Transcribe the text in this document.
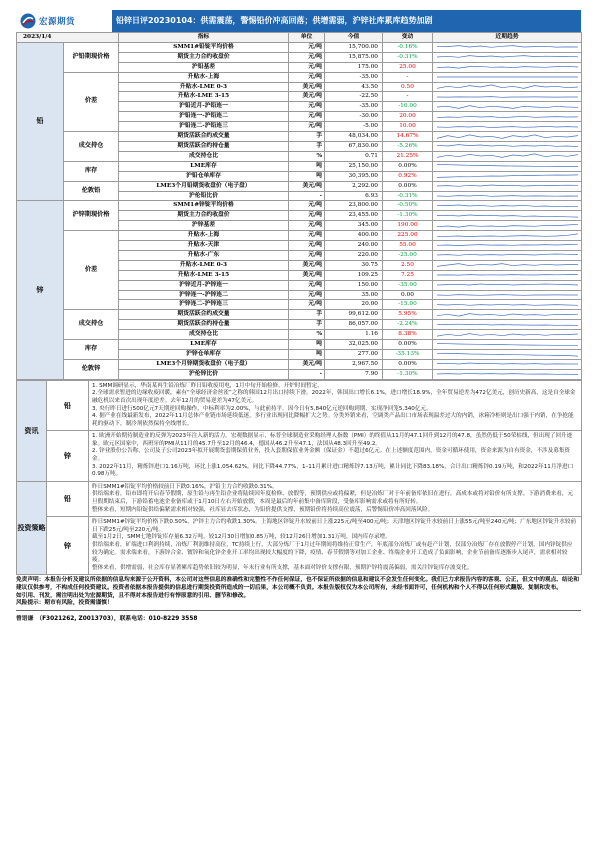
宏源期货	铅锌日评20230104：供需震荡，警惕铅价冲高回落；供增需弱，沪锌社库累库趋势加剧
2023/1/4		指标	单位	今值	变动	近期趋势
铅	沪铅期现价格	SMM1#铅锭平均价格	元/吨	15,700.00	-0.16%	

		期货主力合约收盘价	元/吨	15,875.00	-0.31%	

		沪铅基差	元/吨	175.00	25.00	

	价差	升贴水-上海	元/吨	-35.00	-	

		升贴水-LME 0-3	美元/吨	43.50	0.50	

		升贴水-LME 3-15	美元/吨	-22.50	-	

		沪铅近月-沪铅连一	元/吨	-35.00	-10.00	

		沪铅连一-沪铅连二	元/吨	-30.00	20.00	

		沪铅连二-沪铅连三	元/吨	-5.00	10.00	

	成交持仓	期货活跃合约成交量	手	48,034.00	14.67%	

		期货活跃合约持仓量	手	67,830.00	-5.26%	

		成交持仓比	%	0.71	21.25%	

	库存	LME库存	吨	25,150.00	0.00%	

		沪铅仓单库存	吨	30,395.00	0.92%	

	伦敦铅	LME3个月铅期货收盘价（电子盘）	美元/吨	2,292.00	0.00%	

		沪伦铅比价	-	6.93	-0.31%	

锌	沪锌期现价格	SMM1#锌锭平均价格	元/吨	23,800.00	-0.50%	

		期货主力合约收盘价	元/吨	23,455.00	-1.30%	

		沪锌基差	元/吨	345.00	190.00	

	价差	升贴水-上海	元/吨	400.00	225.00	

		升贴水-天津	元/吨	240.00	55.00	

		升贴水-广东	元/吨	220.00	-25.00	

		升贴水-LME 0-3	美元/吨	30.75	2.50	

		升贴水-LME 3-15	美元/吨	109.25	7.25	

		沪锌近月-沪锌连一	元/吨	150.00	-35.00	

		沪锌连一-沪锌连二	元/吨	35.00	0.00	

		沪锌连二-沪锌连三	元/吨	20.00	-15.00	

	成交持仓	期货活跃合约成交量	手	99,612.00	5.95%	

		期货活跃合约持仓量	手	86,057.00	-2.24%	

		成交持仓比	%	1.16	8.38%	

	库存	LME库存	吨	32,025.00	0.00%	

		沪锌仓单库存	吨	277.00	-35.13%	

	伦敦锌	LME3个月锌期货收盘价（电子盘）	美元/吨	2,967.50	0.00%	

		沪伦锌比价	-	7.90	-1.30%	
资讯	铅	1. SMM调研显示，华南某再生铅冶炼厂昨日铅收废用电，1月中旬开始检修，开炉时间暂定。

2.全球需求暂进的边缘收废回暖，素有“全球经济金丝雀”之称的韩国12月出口持续下滑。2022年，韩国出口增长6.1%，进口增长18.9%，全年贸易逆差为472亿美元，创历史新高，这是自全球金融危机以来首次出现年度逆差。去年12月的贸易逆差为47亿美元。

3. 央行昨日进行500亿元7天期逆回购操作，中标利率为2.00%，与此前持平。因今日有5,840亿元逆回购到期，实现净回笼5,340亿元。

4. 据产业在线最新发布，2022年11月总体产业链市场延续低迷，多行业出现同比降幅扩大之势。分类外销来看，空调类产品出口市场表现温差过大的内销，冰箱冷柜则是出口强于内销，在争抢能耗的驱动下，制冷剂依然保持全线增长。

	锌	1. 欧洲开始期待制造业的反弹为2023年注入新的活力。宏观数据显示，标普全球制造业采购经理人指数（PMI）的终值从11月的47.1回升到12月的47.8，虽然仍低于50荣枯线，但出现了回升迹象。欧元区国家中，西班牙的PMI从11月的45.7升至12月的46.4，德国从46.2升至47.1，法国从48.3回升至49.2。

2. 锌业股份公告称，公司及子公司2023年拟开展期货套期保值业务，投入套期保值业务金额（保证金）不超过6亿元。在上述额度范围内，资金可循环使用，资金来源为自有资金，不涉及募集资金。

3. 2022年11月，精炼锌进口1.16万吨，环比上涨1,054.62%，同比下降44.77%，1–11月累计进口精炼锌7.13万吨，累计同比下降83.18%，合计出口精炼锌0.19万吨，和2022年11月净进口0.98万吨。

投资策略	铅	昨日SMM1#铅锭平均价格较前日下跌0.16%，沪铅主力合约收跌0.31%。

供给端来看，铅市即将开启春节假期，原生铅与再生铅企业将陆续因年度检修、放假等，预期供应或将偏紧，但是冶炼厂对于年前备库依旧在进行，高成本或将对铅价有所支撑。下游消费来看，元旦假期结束后，下游铅蓄电池企业备库或于1月10日左右开始放假，本周是最后的年前集中备库阶段，受备库影响需求或将有所好转。

整体来看，短期内铅锭供给偏紧需求相对较强，社库显去库状态，为铅价提供支撑，预期铅价将持续高位震荡，后警惕铅价冲高回落风险。

	锌	昨日SMM1#锌锭平均价格下跌0.50%，沪锌主力合约收跌1.30%。上海地区锌锭升水较前日上涨225元/吨至400元/吨；天津地区锌锭升水较前日上涨55元/吨至240元/吨；广东地区锌锭升水较前日下跌25元/吨至220元/吨。

截至1月2日，SMM七地锌锭库存量6.32万吨，较12月30日增加0.85万吨，较12月26日增加1.31万吨，国内库存录增。

供给端来看，矿端进口利润持续，冶炼厂利润维持高位，TC持续上行，大部分炼厂于1月过年期间将维持正常生产，年底部分冶炼厂或有赶产计划，仅部分冶炼厂存在放假停产计划，国内锌锭供应较为确定。需求端来看，下游锌合金、镀锌和氧化锌企业开工率均出现较大幅度的下降，疫情、春节假期等对加工企业、终端企业开工造成了负面影响，企业节前备库逐渐步入尾声，需求相对较疲。

整体来看，供增需弱，社会库存显著累库趋势依旧较为明显，年末行业有所支撑，基本面对锌价支撑有限，预期沪锌将震荡偏弱，需关注锌锭库存波变化。

免责声明：本报告分析及建议所依据的信息均来源于公开资料，本公司对这些信息的准确性和完整性不作任何保证，也不保证所依据的信息和建议不会发生任何变化。我们已力求报告内容的客观、公正，但文中的观点、结论和建议仅供参考，不构成任何投资建议。投资者依据本报告提供的信息进行期货投资所造成的一切后果，本公司概不负责。本报告版权仅为本公司所有，未经书面许可，任何机构和个人不得以任何形式翻版、复制和发布。

如引用、刊发，需注明出处为宏源期货，且不得对本报告进行有悖原意的引用、删节和修改。

风险提示：期市有风险，投资需谨慎！

曾语谦　（F3021262, Z0013703），联系电话：010-8229 3558
